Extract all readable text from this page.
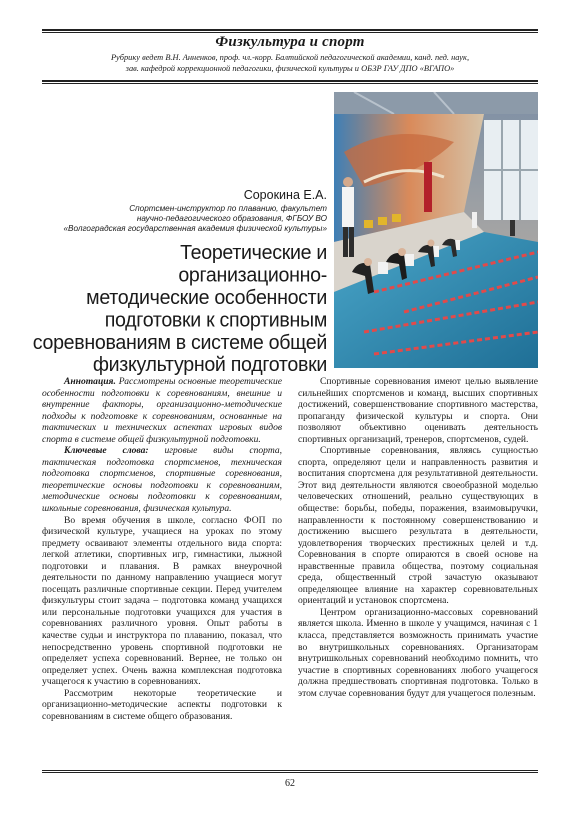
Физкультура и спорт
Рубрику ведет В.Н. Анненков, проф. чл.-корр. Балтийской педагогической академии, канд. пед. наук,
зав. кафедрой коррекционной педагогики, физической культуры и ОБЗР ГАУ ДПО «ВГАПО»
Сорокина Е.А.
Спортсмен-инструктор по плаванию, факультет
научно-педагогического образования, ФГБОУ ВО
«Волгоградская государственная академия физической культуры»
Теоретические и организационно-
методические особенности
подготовки к спортивным
соревнованиям в системе общей
физкультурной подготовки

Аннотация. Рассмотрены основные теоретические особенности подготовки к соревнованиям, внешние и внутренние факторы, организационно-методические подходы к подготовке к соревнованиям, основанные на тактических и технических аспектах игровых видов спорта в системе общей физкультурной подготовки.

Ключевые слова: игровые виды спорта, тактическая подготовка спортсменов, техническая подготовка спортсменов, спортивные соревнования, теоретические основы подготовки к соревнованиям, методические основы подготовки к соревнованиям, школьные соревнования, физическая культура.

Во время обучения в школе, согласно ФОП по физической культуре, учащиеся на уроках по этому предмету осваивают элементы отдельного вида спорта: легкой атлетики, спортивных игр, гимнастики, лыжной подготовки и плавания. В рамках внеурочной деятельности по данному направлению учащиеся могут посещать различные спортивные секции. Перед учителем физкультуры стоит задача – подготовка команд учащихся или персональные подготовки учащихся для участия в соревнованиях различного уровня. Опыт работы в качестве судьи и инструктора по плаванию, показал, что непосредственно уровень спортивной подготовки не определяет успеха соревнований. Вернее, не только он определяет успех. Очень важна комплексная подготовка учащегося к участию в соревнованиях.

Рассмотрим некоторые теоретические и организационно-методические аспекты подготовки к соревнованиям в системе общего образования.

Спортивные соревнования имеют целью выявление сильнейших спортсменов и команд, высших спортивных достижений, совершенствование спортивного мастерства, пропаганду физической культуры и спорта. Они позволяют объективно оценивать деятельность спортивных организаций, тренеров, спортсменов, судей.

Спортивные соревнования, являясь сущностью спорта, определяют цели и направленность развития и воспитания спортсмена для результативной деятельности. Этот вид деятельности являются своеобразной моделью человеческих отношений, реально существующих в обществе: борьбы, победы, поражения, взаимовыручки, направленности к постоянному совершенствованию и достижению высшего результата в деятельности, удовлетворения творческих престижных целей и т.д. Соревнования в спорте опираются в своей основе на нравственные правила общества, поэтому социальная среда, общественный строй зачастую оказывают определяющее влияние на характер соревновательных ориентаций и установок спортсмена.

Центром организационно-массовых соревнований является школа. Именно в школе у учащимся, начиная с 1 класса, представляется возможность принимать участие во внутришкольных соревнованиях. Организаторам внутришкольных соревнований необходимо помнить, что участие в спортивных соревнованиях любого учащегося должна предшествовать спортивная подготовка. Только в этом случае соревнования будут для учащегося полезным.

62
